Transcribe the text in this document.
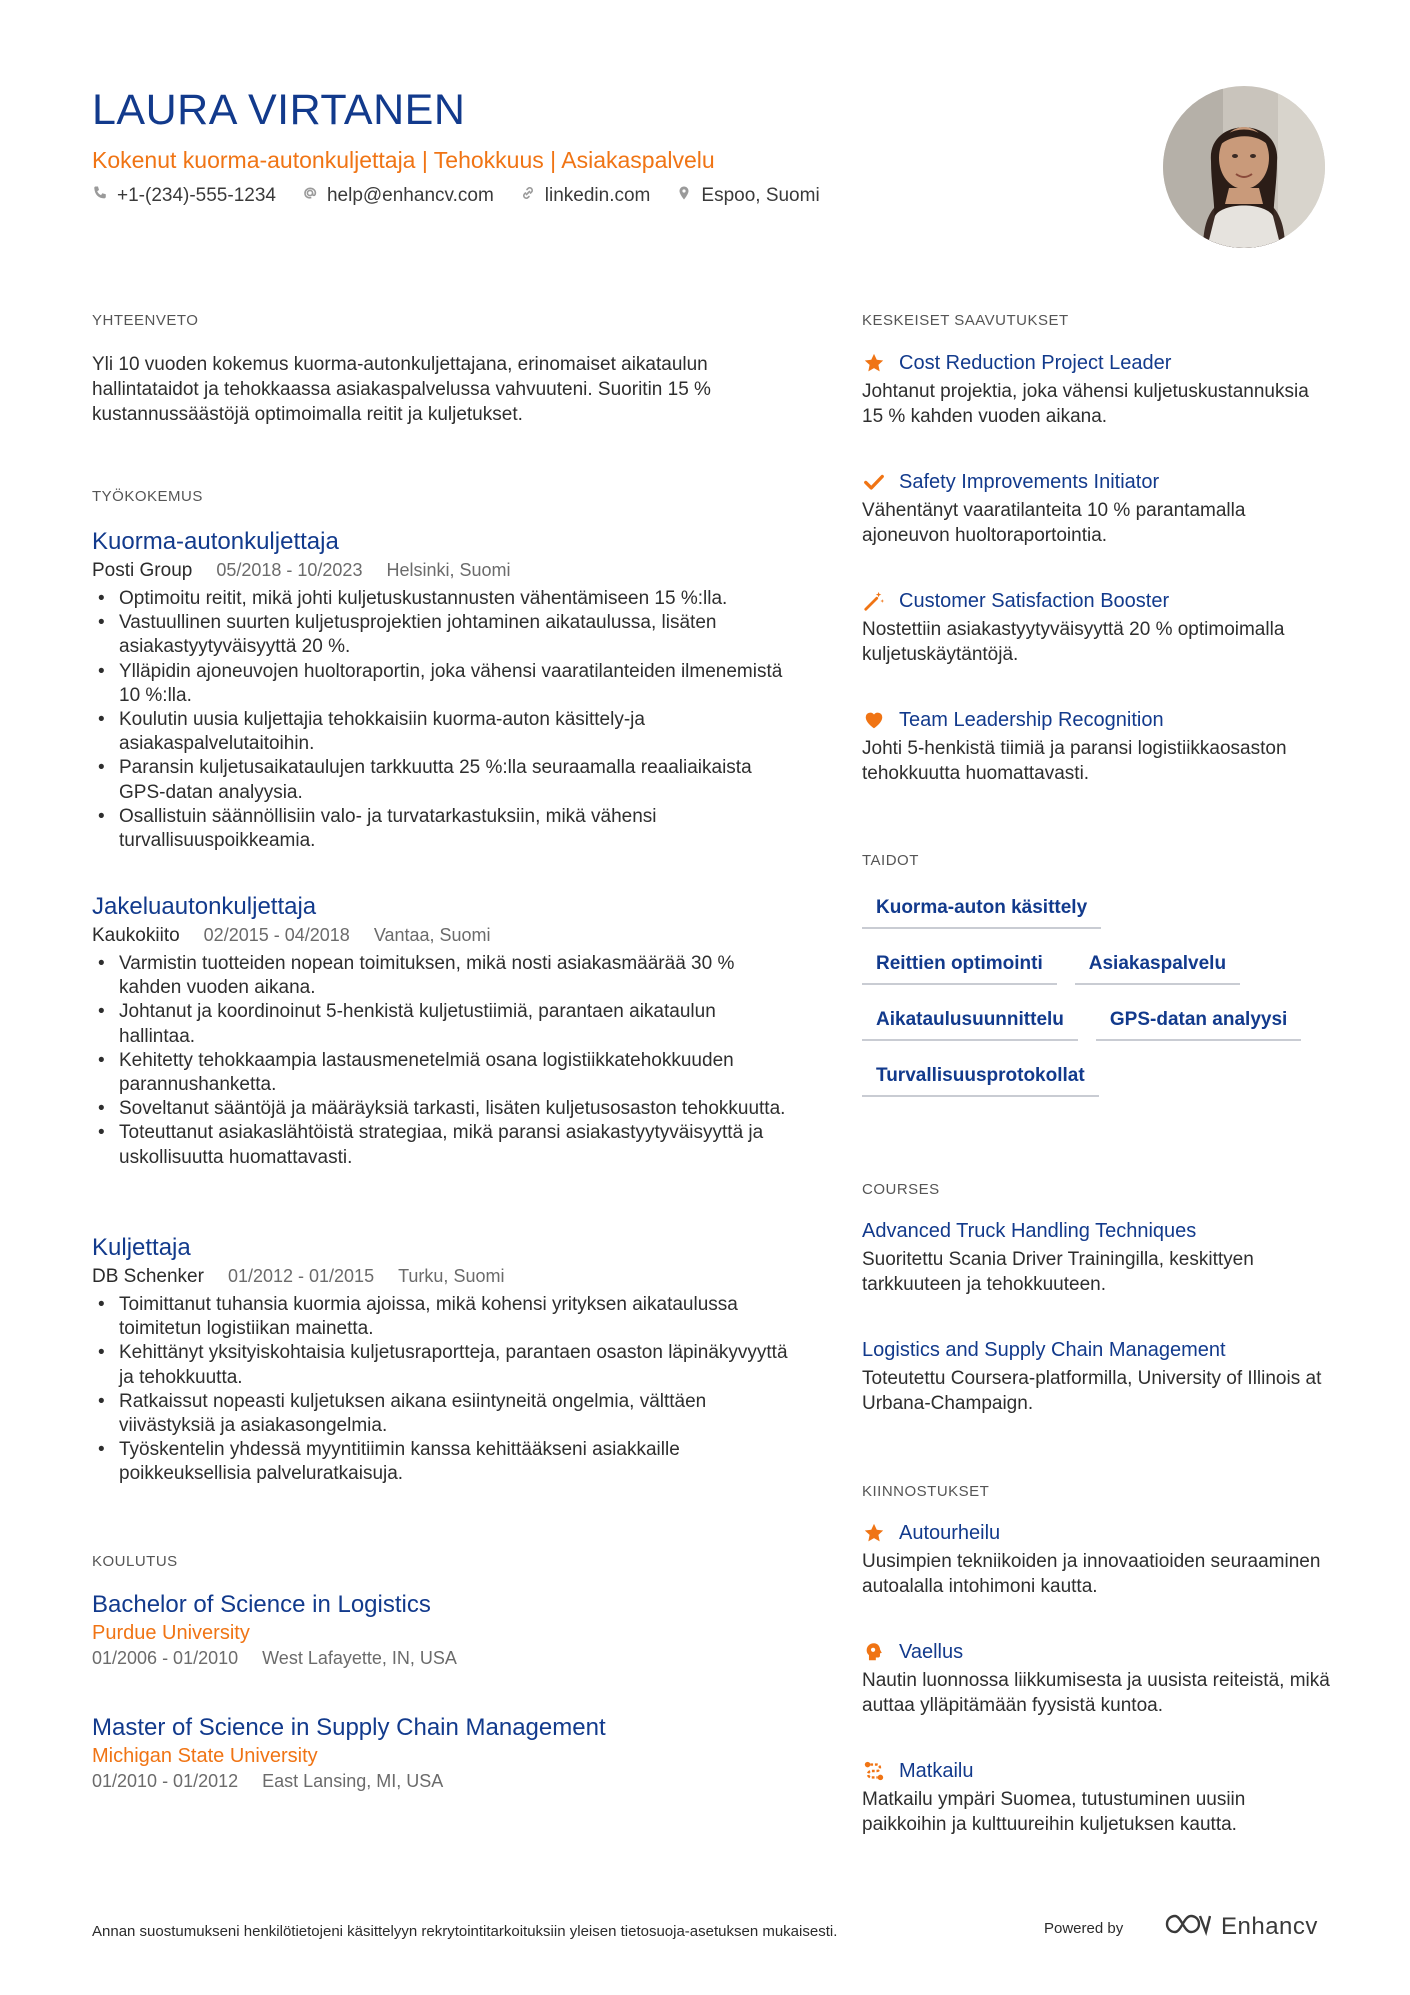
LAURA VIRTANEN
Kokenut kuorma-autonkuljettaja | Tehokkuus | Asiakaspalvelu
+1-(234)-555-1234	help@enhancv.com	linkedin.com	Espoo, Suomi
YHTEENVETO
Yli 10 vuoden kokemus kuorma-autonkuljettajana, erinomaiset aikataulun hallintataidot ja tehokkaassa asiakaspalvelussa vahvuuteni. Suoritin 15 % kustannussäästöjä optimoimalla reitit ja kuljetukset.
TYÖKOKEMUS
Kuorma-autonkuljettaja
Posti Group 05/2018 - 10/2023 Helsinki, Suomi
• Optimoitu reitit, mikä johti kuljetuskustannusten vähentämiseen 15 %:lla.
• Vastuullinen suurten kuljetusprojektien johtaminen aikataulussa, lisäten asiakastyytyväisyyttä 20 %.
• Ylläpidin ajoneuvojen huoltoraportin, joka vähensi vaaratilanteiden ilmenemistä 10 %:lla.
• Koulutin uusia kuljettajia tehokkaisiin kuorma-auton käsittely-ja asiakaspalvelutaitoihin.
• Paransin kuljetusaikataulujen tarkkuutta 25 %:lla seuraamalla reaaliaikaista GPS-datan analyysia.
• Osallistuin säännöllisiin valo- ja turvatarkastuksiin, mikä vähensi turvallisuuspoikkeamia.
Jakeluautonkuljettaja
Kaukokiito 02/2015 - 04/2018 Vantaa, Suomi
• Varmistin tuotteiden nopean toimituksen, mikä nosti asiakasmäärää 30 % kahden vuoden aikana.
• Johtanut ja koordinoinut 5-henkistä kuljetustiimiä, parantaen aikataulun hallintaa.
• Kehitetty tehokkaampia lastausmenetelmiä osana logistiikkatehokkuuden parannushanketta.
• Soveltanut sääntöjä ja määräyksiä tarkasti, lisäten kuljetusosaston tehokkuutta.
• Toteuttanut asiakaslähtöistä strategiaa, mikä paransi asiakastyytyväisyyttä ja uskollisuutta huomattavasti.
Kuljettaja
DB Schenker 01/2012 - 01/2015 Turku, Suomi
• Toimittanut tuhansia kuormia ajoissa, mikä kohensi yrityksen aikataulussa toimitetun logistiikan mainetta.
• Kehittänyt yksityiskohtaisia kuljetusraportteja, parantaen osaston läpinäkyvyyttä ja tehokkuutta.
• Ratkaissut nopeasti kuljetuksen aikana esiintyneitä ongelmia, välttäen viivästyksiä ja asiakasongelmia.
• Työskentelin yhdessä myyntitiimin kanssa kehittääkseni asiakkaille poikkeuksellisia palveluratkaisuja.
KOULUTUS
Bachelor of Science in Logistics
Purdue University
01/2006 - 01/2010 West Lafayette, IN, USA
Master of Science in Supply Chain Management
Michigan State University
01/2010 - 01/2012 East Lansing, MI, USA
KESKEISET SAAVUTUKSET
Cost Reduction Project Leader
Johtanut projektia, joka vähensi kuljetuskustannuksia 15 % kahden vuoden aikana.
Safety Improvements Initiator
Vähentänyt vaaratilanteita 10 % parantamalla ajoneuvon huoltoraportointia.
Customer Satisfaction Booster
Nostettiin asiakastyytyväisyyttä 20 % optimoimalla kuljetuskäytäntöjä.
Team Leadership Recognition
Johti 5-henkistä tiimiä ja paransi logistiikkaosaston tehokkuutta huomattavasti.
TAIDOT
Kuorma-auton käsittely
Reittien optimointi	Asiakaspalvelu
Aikataulusuunnittelu	GPS-datan analyysi
Turvallisuusprotokollat
COURSES
Advanced Truck Handling Techniques
Suoritettu Scania Driver Trainingilla, keskittyen tarkkuuteen ja tehokkuuteen.
Logistics and Supply Chain Management
Toteutettu Coursera-platformilla, University of Illinois at Urbana-Champaign.
KIINNOSTUKSET
Autourheilu
Uusimpien tekniikoiden ja innovaatioiden seuraaminen autoalalla intohimoni kautta.
Vaellus
Nautin luonnossa liikkumisesta ja uusista reiteistä, mikä auttaa ylläpitämään fyysistä kuntoa.
Matkailu
Matkailu ympäri Suomea, tutustuminen uusiin paikkoihin ja kulttuureihin kuljetuksen kautta.
Annan suostumukseni henkilötietojeni käsittelyyn rekrytointitarkoituksiin yleisen tietosuoja-asetuksen mukaisesti.	Powered by	Enhancv
